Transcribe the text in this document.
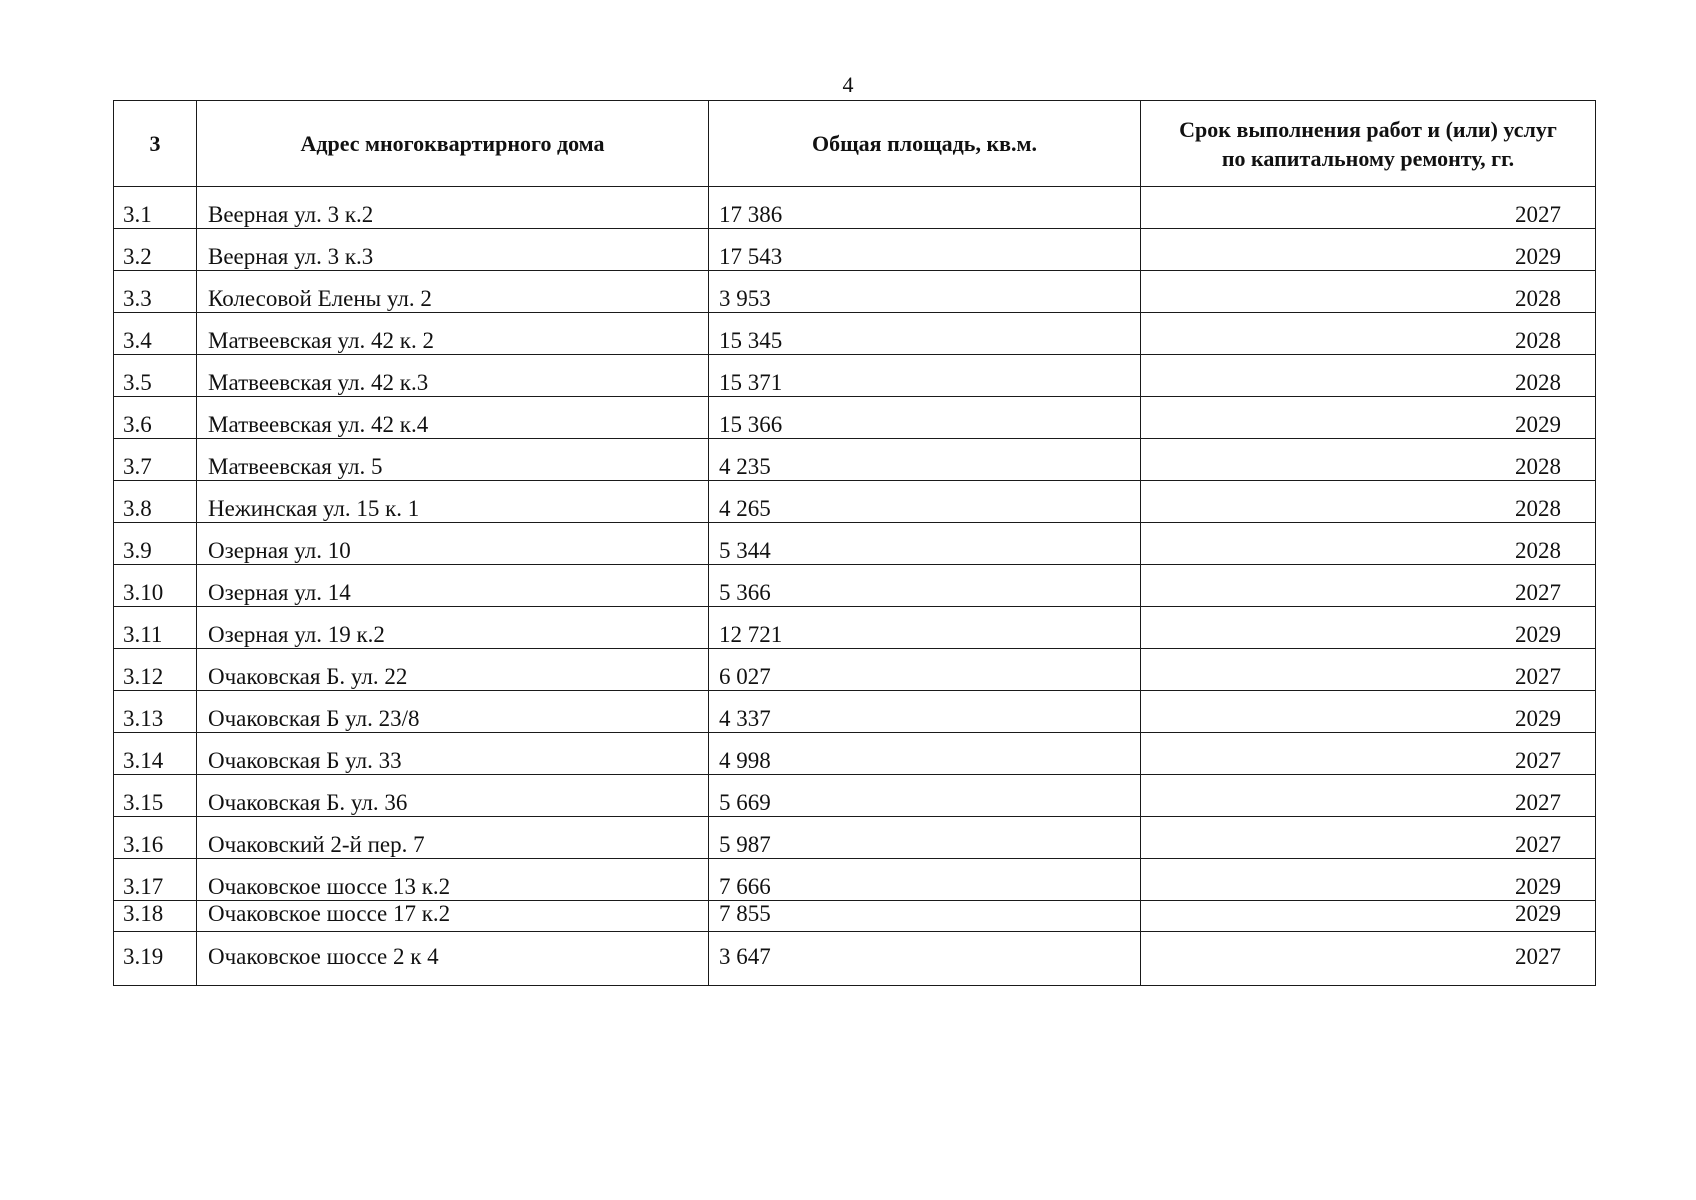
4
3	Адрес многоквартирного дома	Общая площадь, кв.м.	Срок выполнения работ и (или) услуг
по капитальному ремонту, гг.

3.1	Веерная ул. 3 к.2	17 386	2027
3.2	Веерная ул. 3 к.3	17 543	2029
3.3	Колесовой Елены ул. 2	3 953	2028
3.4	Матвеевская ул. 42 к. 2	15 345	2028
3.5	Матвеевская ул. 42 к.3	15 371	2028
3.6	Матвеевская ул. 42 к.4	15 366	2029
3.7	Матвеевская ул. 5	4 235	2028
3.8	Нежинская ул. 15 к. 1	4 265	2028
3.9	Озерная ул. 10	5 344	2028
3.10	Озерная ул. 14	5 366	2027
3.11	Озерная ул. 19 к.2	12 721	2029
3.12	Очаковская Б. ул. 22	6 027	2027
3.13	Очаковская Б ул. 23/8	4 337	2029
3.14	Очаковская Б ул. 33	4 998	2027
3.15	Очаковская Б. ул. 36	5 669	2027
3.16	Очаковский 2-й пер. 7	5 987	2027
3.17	Очаковское шоссе 13 к.2	7 666	2029
3.18	Очаковское шоссе 17 к.2	7 855	2029
3.19	Очаковское шоссе 2 к 4	3 647	2027
